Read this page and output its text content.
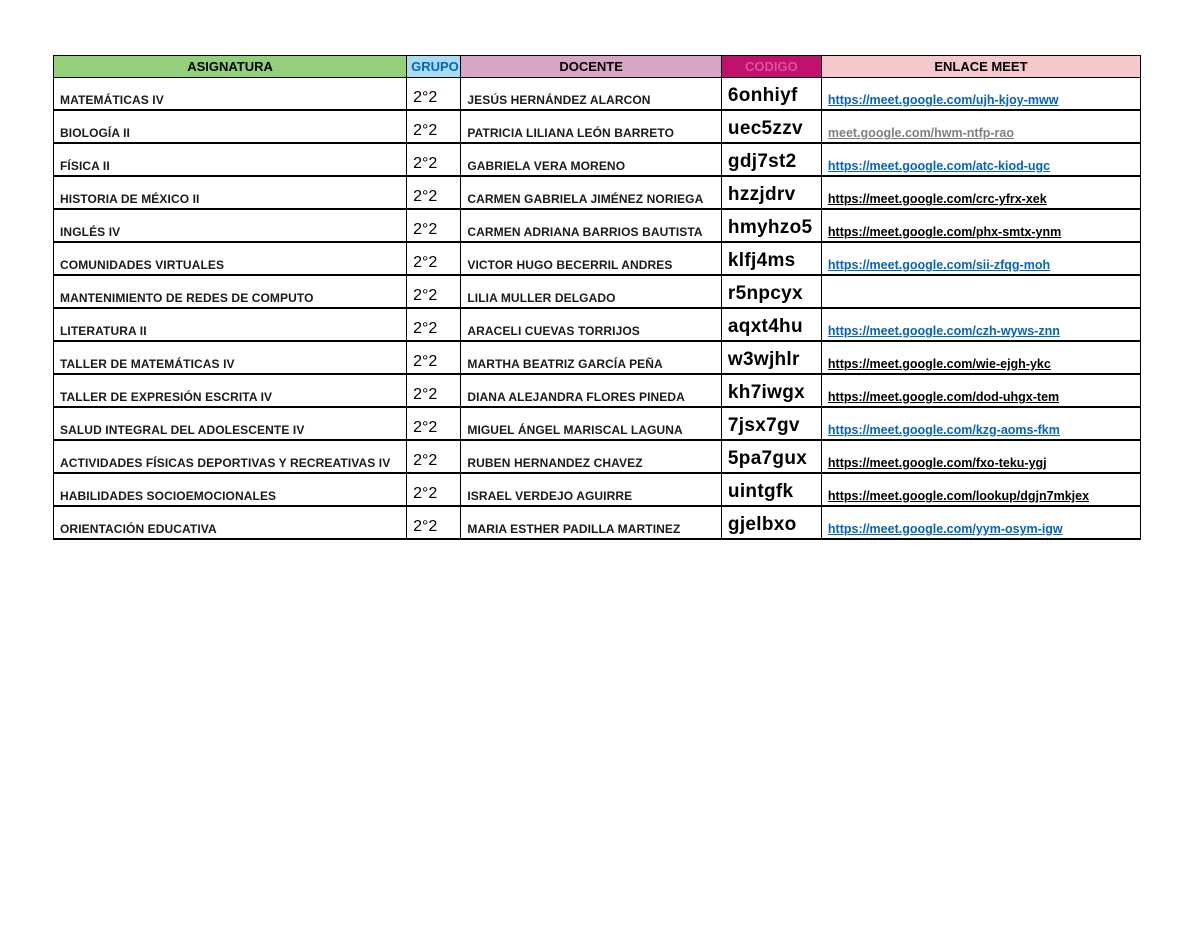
ASIGNATURA	GRUPO	DOCENTE	CODIGO	ENLACE MEET
MATEMÁTICAS IV	2°2	JESÚS HERNÁNDEZ ALARCON	6onhiyf	https://meet.google.com/ujh-kjoy-mww
BIOLOGÍA II	2°2	PATRICIA LILIANA LEÓN BARRETO	uec5zzv	meet.google.com/hwm-ntfp-rao
FÍSICA II	2°2	GABRIELA VERA MORENO	gdj7st2	https://meet.google.com/atc-kiod-ugc
HISTORIA DE MÉXICO II	2°2	CARMEN GABRIELA JIMÉNEZ NORIEGA	hzzjdrv	https://meet.google.com/crc-yfrx-xek
INGLÉS IV	2°2	CARMEN ADRIANA BARRIOS BAUTISTA	hmyhzo5	https://meet.google.com/phx-smtx-ynm
COMUNIDADES VIRTUALES	2°2	VICTOR HUGO BECERRIL ANDRES	klfj4ms	https://meet.google.com/sii-zfqg-moh
MANTENIMIENTO DE REDES DE COMPUTO	2°2	LILIA MULLER DELGADO	r5npcyx	
LITERATURA II	2°2	ARACELI CUEVAS TORRIJOS	aqxt4hu	https://meet.google.com/czh-wyws-znn
TALLER DE MATEMÁTICAS IV	2°2	MARTHA BEATRIZ GARCÍA PEÑA	w3wjhlr	https://meet.google.com/wie-ejgh-ykc
TALLER DE EXPRESIÓN ESCRITA IV	2°2	DIANA ALEJANDRA FLORES PINEDA	kh7iwgx	https://meet.google.com/dod-uhgx-tem
SALUD INTEGRAL DEL ADOLESCENTE IV	2°2	MIGUEL ÁNGEL MARISCAL LAGUNA	7jsx7gv	https://meet.google.com/kzg-aoms-fkm
ACTIVIDADES FÍSICAS DEPORTIVAS Y RECREATIVAS IV	2°2	RUBEN HERNANDEZ CHAVEZ	5pa7gux	https://meet.google.com/fxo-teku-ygj
HABILIDADES SOCIOEMOCIONALES	2°2	ISRAEL VERDEJO AGUIRRE	uintgfk	https://meet.google.com/lookup/dgjn7mkjex
ORIENTACIÓN EDUCATIVA	2°2	MARIA ESTHER PADILLA MARTINEZ	gjelbxo	https://meet.google.com/yym-osym-igw
